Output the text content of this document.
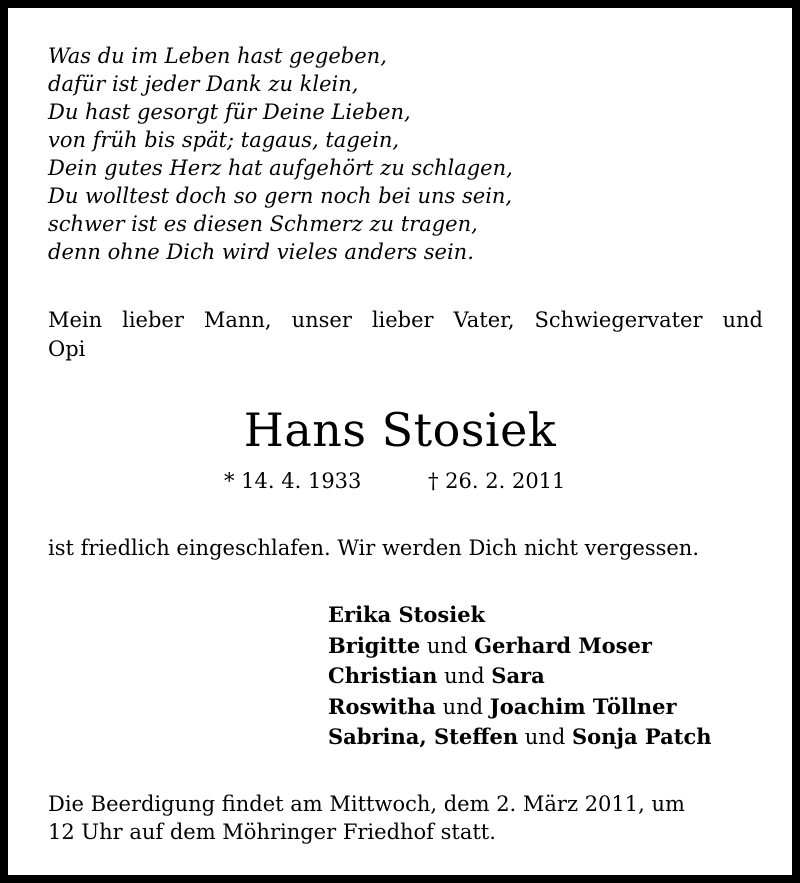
Was du im Leben hast gegeben,
dafür ist jeder Dank zu klein,
Du hast gesorgt für Deine Lieben,
von früh bis spät; tagaus, tagein,
Dein gutes Herz hat aufgehört zu schlagen,
Du wolltest doch so gern noch bei uns sein,
schwer ist es diesen Schmerz zu tragen,
denn ohne Dich wird vieles anders sein.
Mein lieber Mann, unser lieber Vater, Schwiegervater und
Opi
Hans Stosiek
* 14. 4. 1933	† 26. 2. 2011
ist friedlich eingeschlafen. Wir werden Dich nicht vergessen.
Erika Stosiek
Brigitte und Gerhard Moser
Christian und Sara
Roswitha und Joachim Töllner
Sabrina, Steffen und Sonja Patch
Die Beerdigung findet am Mittwoch, dem 2. März 2011, um
12 Uhr auf dem Möhringer Friedhof statt.
